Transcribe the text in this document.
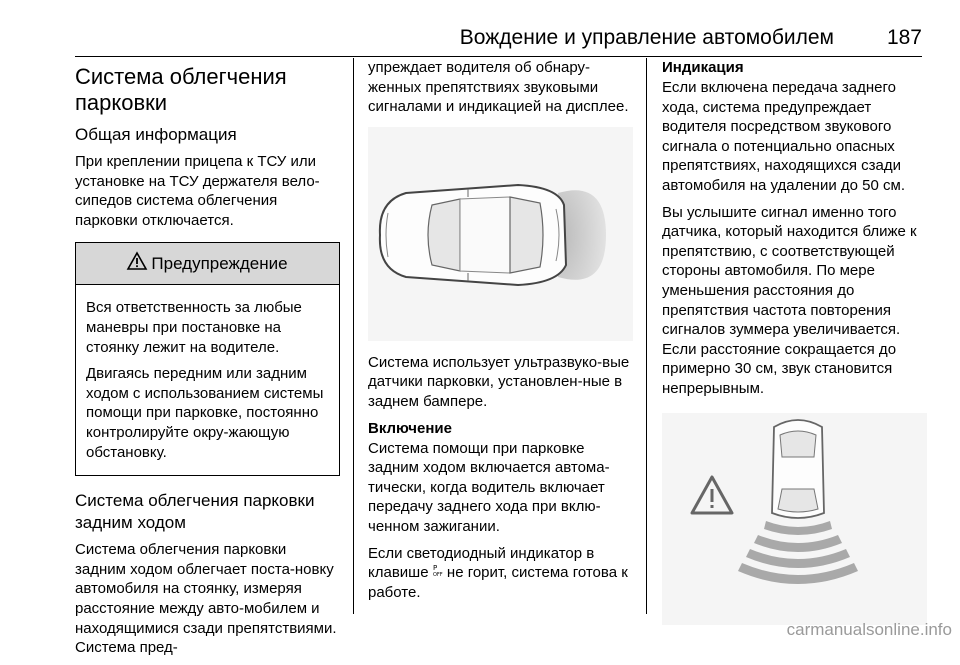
Вождение и управление автомобилем	187
Система облегчения
парковки
Общая информация

При креплении прицепа к ТСУ или установке на ТСУ держателя вело-сипедов система облегчения парковки отключается.

Предупреждение

Вся ответственность за любые маневры при постановке на стоянку лежит на водителе.

Двигаясь передним или задним ходом с использованием системы помощи при парковке, постоянно контролируйте окру-жающую обстановку.

Система облегчения парковки задним ходом

Система облегчения парковки задним ходом облегчает поста-новку автомобиля на стоянку, измеряя расстояние между авто-мобилем и находящимися сзади препятствиями. Система пред-

упреждает водителя об обнару-женных препятствиях звуковыми сигналами и индикацией на дисплее.

Система использует ультразвуко-вые датчики парковки, установлен-ные в заднем бампере.

Включение

Система помощи при парковке задним ходом включается автома-тически, когда водитель включает передачу заднего хода при вклю-ченном зажигании.

Если светодиодный индикатор в клавише P
OFF не горит, система готова к работе.

Индикация

Если включена передача заднего хода, система предупреждает водителя посредством звукового сигнала о потенциально опасных препятствиях, находящихся сзади автомобиля на удалении до 50 см.

Вы услышите сигнал именно того датчика, который находится ближе к препятствию, с соответствующей стороны автомобиля. По мере уменьшения расстояния до препятствия частота повторения сигналов зуммера увеличивается. Если расстояние сокращается до примерно 30 см, звук становится непрерывным.

carmanualsonline.info
